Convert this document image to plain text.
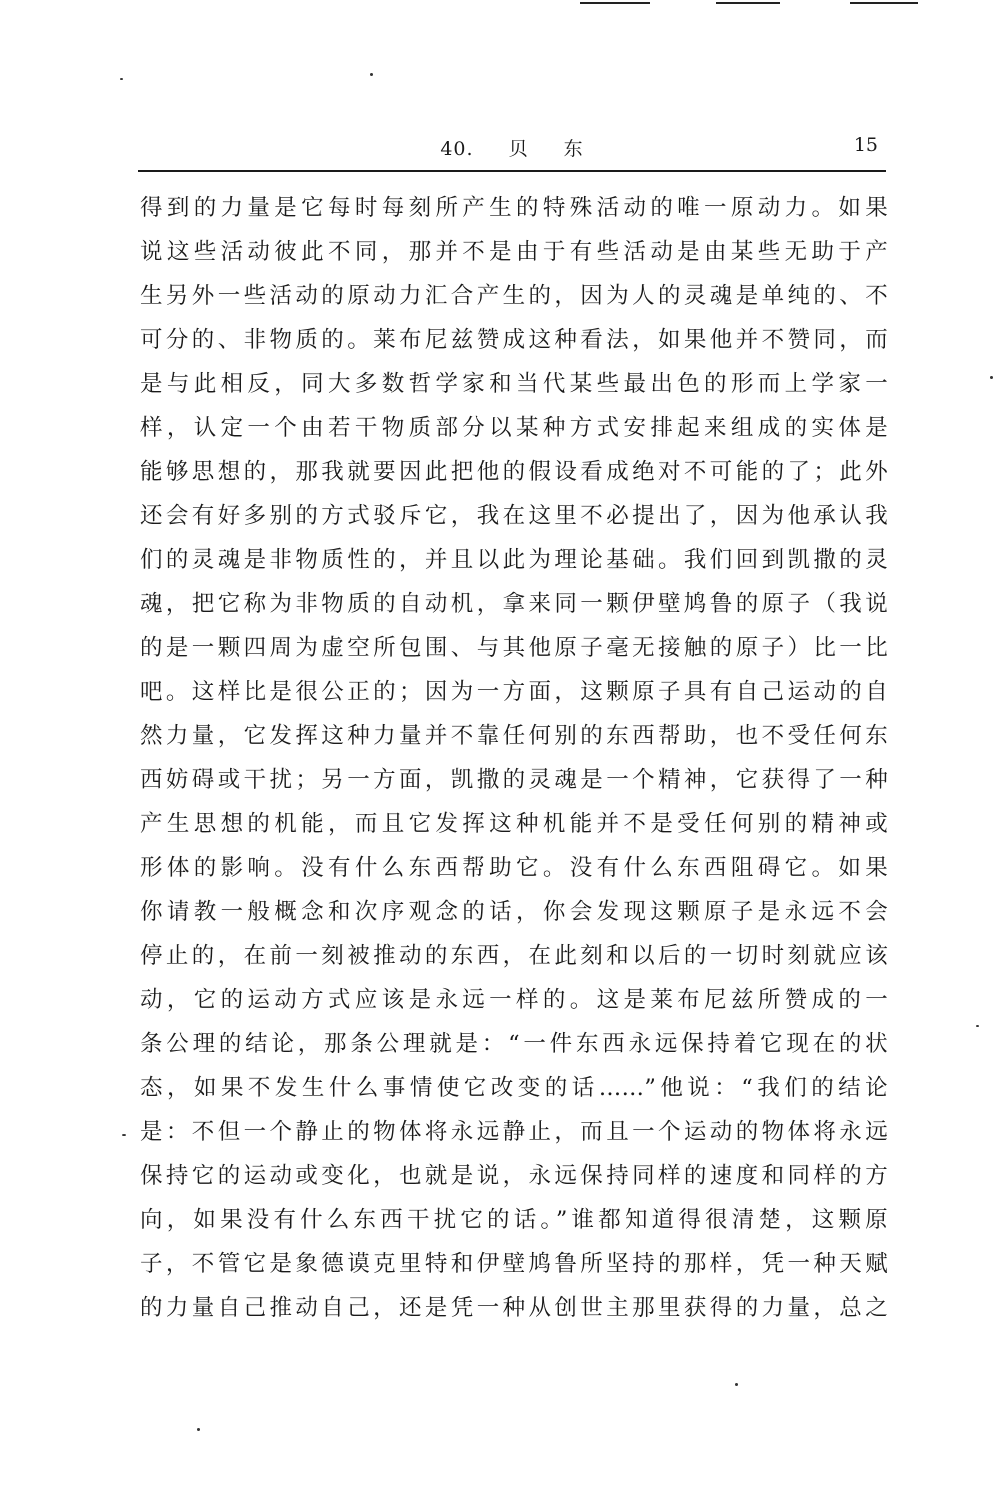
40. 贝 东	15
得到的力量是它每时每刻所产生的特殊活动的唯一原动力。如果
说这些活动彼此不同，那并不是由于有些活动是由某些无助于产
生另外一些活动的原动力汇合产生的，因为人的灵魂是单纯的、不
可分的、非物质的。莱布尼兹赞成这种看法，如果他并不赞同，而
是与此相反，同大多数哲学家和当代某些最出色的形而上学家一
样，认定一个由若干物质部分以某种方式安排起来组成的实体是
能够思想的，那我就要因此把他的假设看成绝对不可能的了；此外
还会有好多别的方式驳斥它，我在这里不必提出了，因为他承认我
们的灵魂是非物质性的，并且以此为理论基础。我们回到凯撒的灵
魂，把它称为非物质的自动机，拿来同一颗伊壁鸠鲁的原子（我说
的是一颗四周为虚空所包围、与其他原子毫无接触的原子）比一比
吧。这样比是很公正的；因为一方面，这颗原子具有自己运动的自
然力量，它发挥这种力量并不靠任何别的东西帮助，也不受任何东
西妨碍或干扰；另一方面，凯撒的灵魂是一个精神，它获得了一种
产生思想的机能，而且它发挥这种机能并不是受任何别的精神或
形体的影响。没有什么东西帮助它。没有什么东西阻碍它。如果
你请教一般概念和次序观念的话，你会发现这颗原子是永远不会
停止的，在前一刻被推动的东西，在此刻和以后的一切时刻就应该
动，它的运动方式应该是永远一样的。这是莱布尼兹所赞成的一
条公理的结论，那条公理就是：“一件东西永远保持着它现在的状
态，如果不发生什么事情使它改变的话……”他说：“我们的结论
是：不但一个静止的物体将永远静止，而且一个运动的物体将永远
保持它的运动或变化，也就是说，永远保持同样的速度和同样的方
向，如果没有什么东西干扰它的话。”谁都知道得很清楚，这颗原
子，不管它是象德谟克里特和伊壁鸠鲁所坚持的那样，凭一种天赋
的力量自己推动自己，还是凭一种从创世主那里获得的力量，总之
